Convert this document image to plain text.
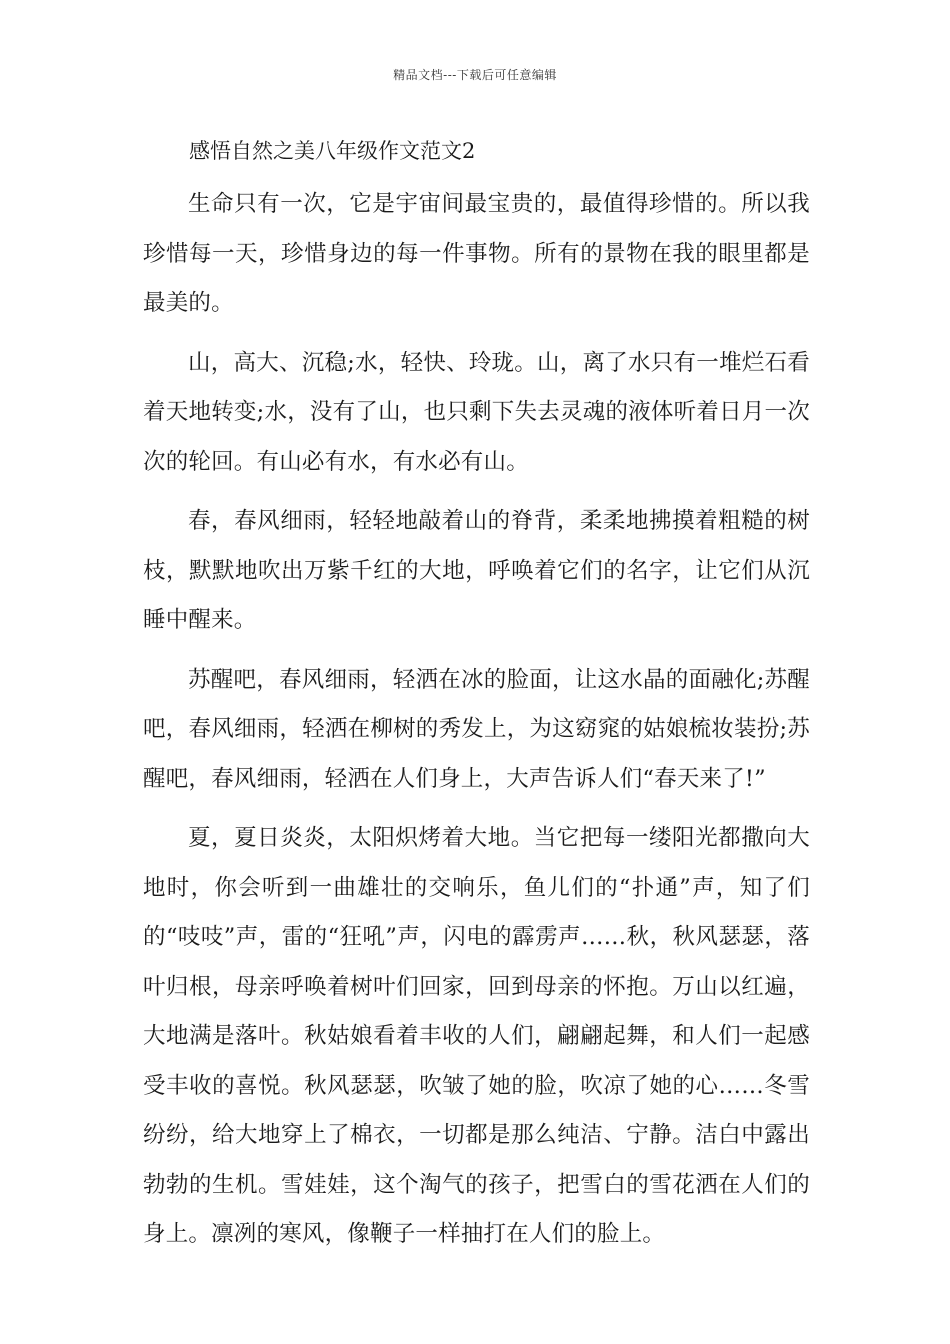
精品文档---下载后可任意编辑
感悟自然之美八年级作文范文2

生命只有一次，它是宇宙间最宝贵的，最值得珍惜的。所以我珍惜每一天，珍惜身边的每一件事物。所有的景物在我的眼里都是最美的。

山，高大、沉稳;水，轻快、玲珑。山，离了水只有一堆烂石看着天地转变;水，没有了山，也只剩下失去灵魂的液体听着日月一次次的轮回。有山必有水，有水必有山。

春，春风细雨，轻轻地敲着山的脊背，柔柔地拂摸着粗糙的树枝，默默地吹出万紫千红的大地，呼唤着它们的名字，让它们从沉睡中醒来。

苏醒吧，春风细雨，轻洒在冰的脸面，让这水晶的面融化;苏醒吧，春风细雨，轻洒在柳树的秀发上，为这窈窕的姑娘梳妆装扮;苏醒吧，春风细雨，轻洒在人们身上，大声告诉人们“春天来了!”

夏，夏日炎炎，太阳炽烤着大地。当它把每一缕阳光都撒向大地时，你会听到一曲雄壮的交响乐，鱼儿们的“扑通”声，知了们的“吱吱”声，雷的“狂吼”声，闪电的霹雳声……秋，秋风瑟瑟，落叶归根，母亲呼唤着树叶们回家，回到母亲的怀抱。万山以红遍，大地满是落叶。秋姑娘看着丰收的人们，翩翩起舞，和人们一起感受丰收的喜悦。秋风瑟瑟，吹皱了她的脸，吹凉了她的心……冬雪纷纷，给大地穿上了棉衣，一切都是那么纯洁、宁静。洁白中露出勃勃的生机。雪娃娃，这个淘气的孩子，把雪白的雪花洒在人们的身上。凛冽的寒风，像鞭子一样抽打在人们的脸上。
